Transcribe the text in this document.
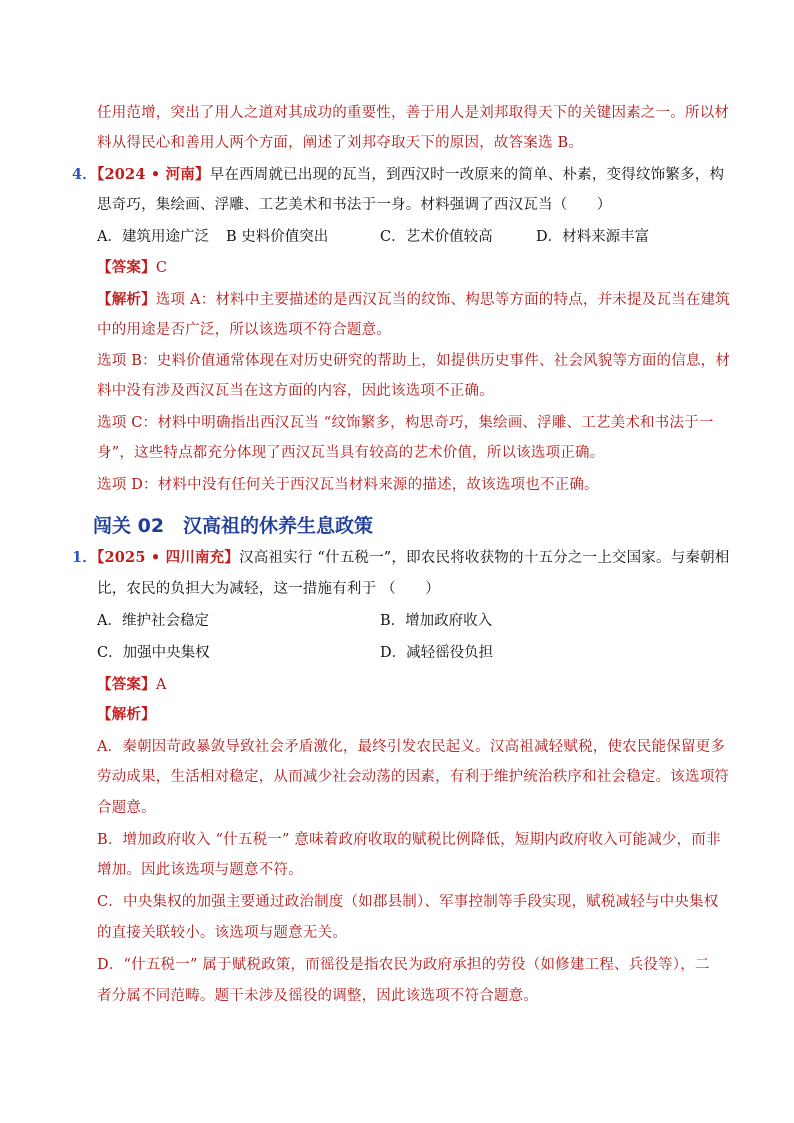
任用范增，突出了用人之道对其成功的重要性，善于用人是刘邦取得天下的关键因素之一。所以材
料从得民心和善用人两个方面，阐述了刘邦夺取天下的原因，故答案选 B。
4．【2024 • 河南】早在西周就已出现的瓦当，到西汉时一改原来的简单、朴素，变得纹饰繁多，构
思奇巧，集绘画、浮雕、工艺美术和书法于一身。材料强调了西汉瓦当（　　）
A．建筑用途广泛 B 史料价值突出	C．艺术价值较高	D．材料来源丰富
【答案】C
【解析】选项 A：材料中主要描述的是西汉瓦当的纹饰、构思等方面的特点，并未提及瓦当在建筑
中的用途是否广泛，所以该选项不符合题意。
选项 B：史料价值通常体现在对历史研究的帮助上，如提供历史事件、社会风貌等方面的信息，材
料中没有涉及西汉瓦当在这方面的内容，因此该选项不正确。
选项 C：材料中明确指出西汉瓦当 “纹饰繁多，构思奇巧，集绘画、浮雕、工艺美术和书法于一
身”，这些特点都充分体现了西汉瓦当具有较高的艺术价值，所以该选项正确。
选项 D：材料中没有任何关于西汉瓦当材料来源的描述，故该选项也不正确。
闯关 02　汉高祖的休养生息政策
1．【2025 • 四川南充】汉高祖实行 “什五税一”，即农民将收获物的十五分之一上交国家。与秦朝相
比，农民的负担大为减轻，这一措施有利于 （　　）
A．维护社会稳定	B．增加政府收入
C．加强中央集权	D．减轻徭役负担
【答案】A
【解析】
A．秦朝因苛政暴敛导致社会矛盾激化，最终引发农民起义。汉高祖减轻赋税，使农民能保留更多
劳动成果，生活相对稳定，从而减少社会动荡的因素，有利于维护统治秩序和社会稳定。该选项符
合题意。
B．增加政府收入 “什五税一” 意味着政府收取的赋税比例降低，短期内政府收入可能减少，而非
增加。因此该选项与题意不符。
C．中央集权的加强主要通过政治制度（如郡县制）、军事控制等手段实现，赋税减轻与中央集权
的直接关联较小。该选项与题意无关。
D．“什五税一” 属于赋税政策，而徭役是指农民为政府承担的劳役（如修建工程、兵役等），二
者分属不同范畴。题干未涉及徭役的调整，因此该选项不符合题意。
